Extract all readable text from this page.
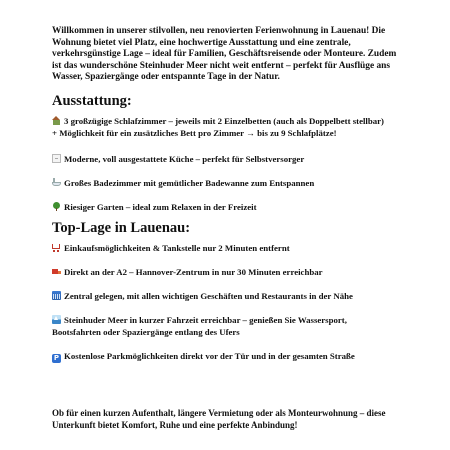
Willkommen in unserer stilvollen, neu renovierten Ferienwohnung in Lauenau! Die
Wohnung bietet viel Platz, eine hochwertige Ausstattung und eine zentrale,
verkehrsgünstige Lage – ideal für Familien, Geschäftsreisende oder Monteure. Zudem
ist das wunderschöne Steinhuder Meer nicht weit entfernt – perfekt für Ausflüge ans
Wasser, Spaziergänge oder entspannte Tage in der Natur.

Ausstattung:
3 großzügige Schlafzimmer – jeweils mit 2 Einzelbetten (auch als Doppelbett stellbar)
+ Möglichkeit für ein zusätzliches Bett pro Zimmer → bis zu 9 Schlafplätze!
Moderne, voll ausgestattete Küche – perfekt für Selbstversorger
Großes Badezimmer mit gemütlicher Badewanne zum Entspannen
Riesiger Garten – ideal zum Relaxen in der Freizeit
Top-Lage in Lauenau:
Einkaufsmöglichkeiten & Tankstelle nur 2 Minuten entfernt
Direkt an der A2 – Hannover-Zentrum in nur 30 Minuten erreichbar
Zentral gelegen, mit allen wichtigen Geschäften und Restaurants in der Nähe
Steinhuder Meer in kurzer Fahrzeit erreichbar – genießen Sie Wassersport,
Bootsfahrten oder Spaziergänge entlang des Ufers
P Kostenlose Parkmöglichkeiten direkt vor der Tür und in der gesamten Straße

Ob für einen kurzen Aufenthalt, längere Vermietung oder als Monteurwohnung – diese
Unterkunft bietet Komfort, Ruhe und eine perfekte Anbindung!
